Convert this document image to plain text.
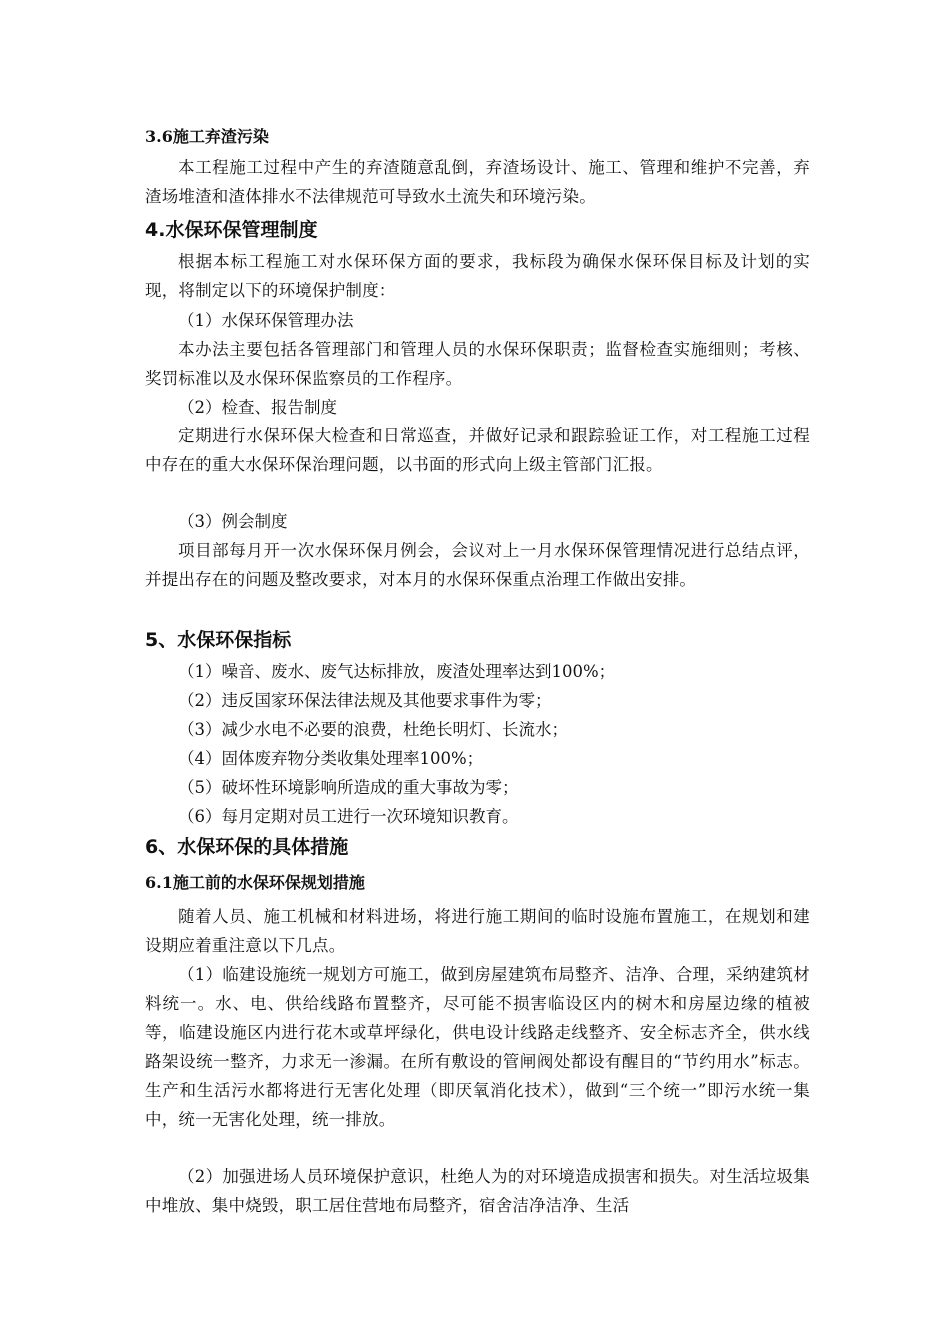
3.6施工弃渣污染
本工程施工过程中产生的弃渣随意乱倒，弃渣场设计、施工、管理和维护不完善，弃渣场堆渣和渣体排水不法律规范可导致水土流失和环境污染。
4.水保环保管理制度
根据本标工程施工对水保环保方面的要求，我标段为确保水保环保目标及计划的实现，将制定以下的环境保护制度：
（1）水保环保管理办法
本办法主要包括各管理部门和管理人员的水保环保职责；监督检查实施细则；考核、奖罚标准以及水保环保监察员的工作程序。
（2）检查、报告制度
定期进行水保环保大检查和日常巡查，并做好记录和跟踪验证工作，对工程施工过程中存在的重大水保环保治理问题，以书面的形式向上级主管部门汇报。
（3）例会制度
项目部每月开一次水保环保月例会，会议对上一月水保环保管理情况进行总结点评，并提出存在的问题及整改要求，对本月的水保环保重点治理工作做出安排。
5、水保环保指标
（1）噪音、废水、废气达标排放，废渣处理率达到100%；
（2）违反国家环保法律法规及其他要求事件为零；
（3）减少水电不必要的浪费，杜绝长明灯、长流水；
（4）固体废弃物分类收集处理率100%；
（5）破坏性环境影响所造成的重大事故为零；
（6）每月定期对员工进行一次环境知识教育。
6、水保环保的具体措施
6.1施工前的水保环保规划措施
随着人员、施工机械和材料进场，将进行施工期间的临时设施布置施工，在规划和建设期应着重注意以下几点。
（1）临建设施统一规划方可施工，做到房屋建筑布局整齐、洁净、合理，采纳建筑材料统一。水、电、供给线路布置整齐，尽可能不损害临设区内的树木和房屋边缘的植被等，临建设施区内进行花木或草坪绿化，供电设计线路走线整齐、安全标志齐全，供水线路架设统一整齐，力求无一渗漏。在所有敷设的管闸阀处都设有醒目的“节约用水”标志。生产和生活污水都将进行无害化处理（即厌氧消化技术），做到“三个统一”即污水统一集中，统一无害化处理，统一排放。
（2）加强进场人员环境保护意识，杜绝人为的对环境造成损害和损失。对生活垃圾集中堆放、集中烧毁，职工居住营地布局整齐，宿舍洁净洁净、生活
